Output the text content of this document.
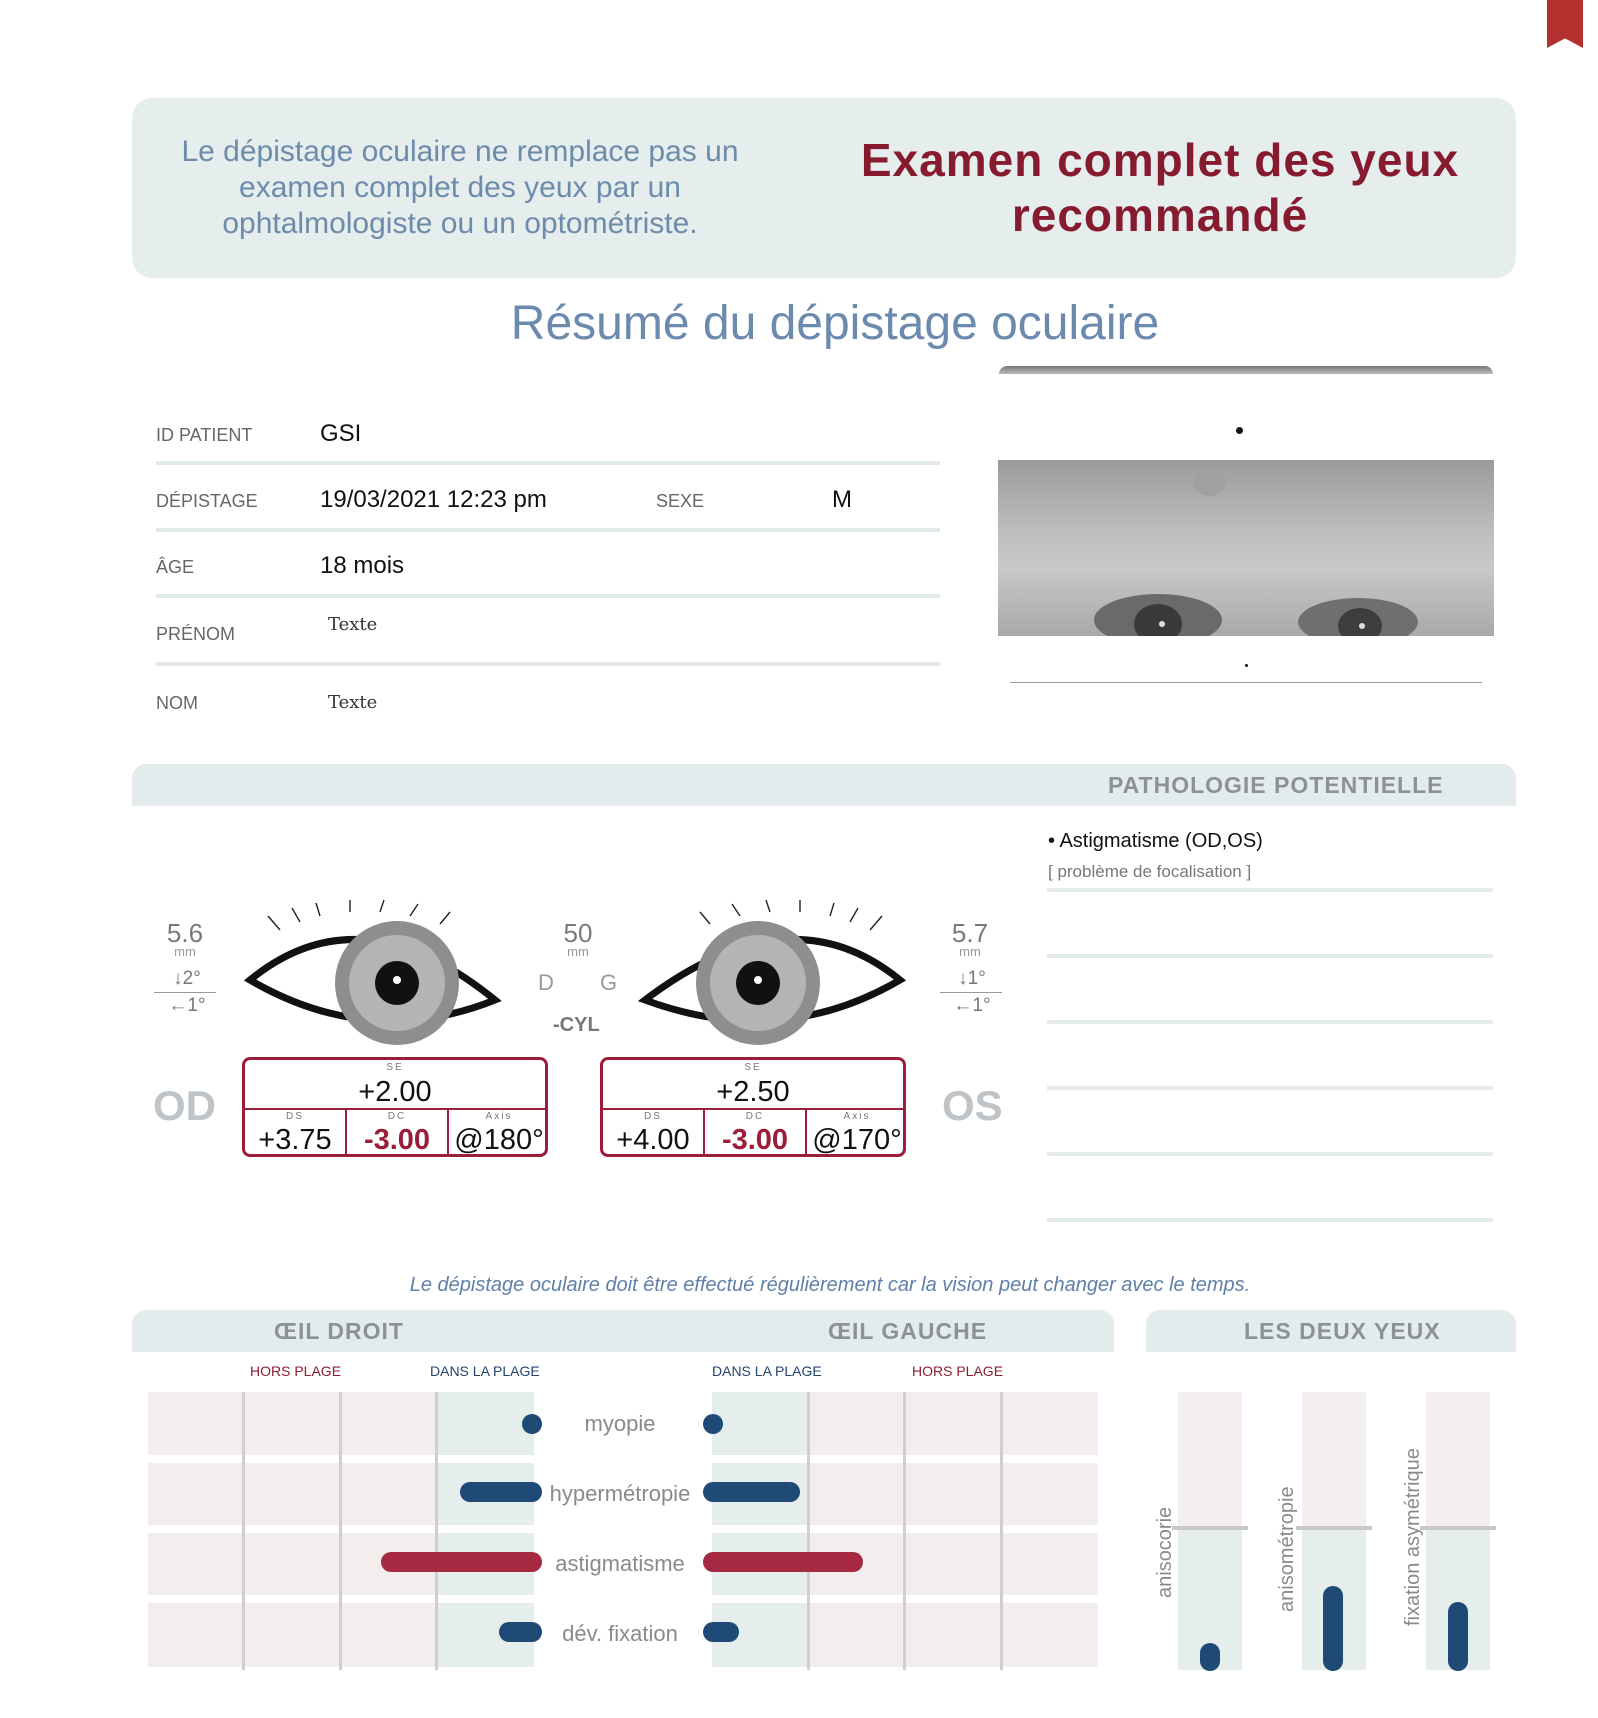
Le dépistage oculaire ne remplace pas un examen complet des yeux par un ophtalmologiste ou un optométriste.
Examen complet des yeux recommandé
Résumé du dépistage oculaire
ID PATIENT	GSI
DÉPISTAGE	19/03/2021 12:23 pm	SEXE	M
ÂGE	18 mois
PRÉNOM	Texte
NOM	Texte
PATHOLOGIE POTENTIELLE
• Astigmatisme (OD,OS)
[ problème de focalisation ]
5.6
mm
↓2°
←1°
OD
5.7
mm
↓1°
←1°
OS
50
mm
D G
-CYL
SE
+2.00
DS
+3.75
DC
-3.00
Axis
@180°
SE
+2.50
DS
+4.00
DC
-3.00
Axis
@170°
Le dépistage oculaire doit être effectué régulièrement car la vision peut changer avec le temps.
ŒIL DROIT	ŒIL GAUCHE	LES DEUX YEUX
HORS PLAGE	DANS LA PLAGE	DANS LA PLAGE	HORS PLAGE
myopie
hypermétropie
astigmatisme
dév. fixation
anisocorie	anisométropie	fixation asymétrique
